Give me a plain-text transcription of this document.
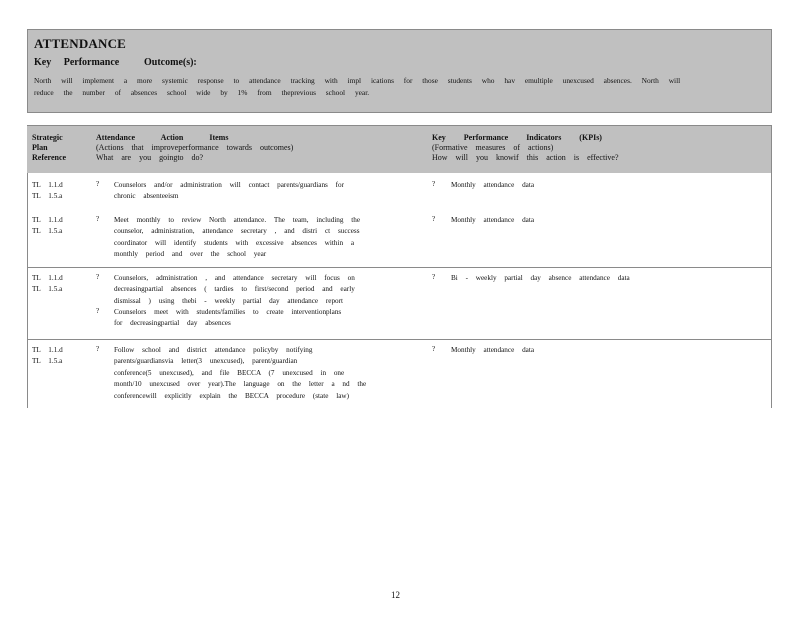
ATTENDANCE
Key Performance Outcome(s):
North will implement a more systemic response to attendance tracking with impl ications for those students who hav emultiple unexcused absences. North will
reduce the number of absences school wide by 1% from theprevious school year.
Strategic
Plan
Reference
Attendance Action Items
(Actions that improveperformance towards outcomes)
What are you goingto do?
Key Performance Indicators (KPIs)
(Formative measures of actions)
How will you knowif this action is effective?
TL 1.1.d
TL 1.5.a
? Counselors and/or administration will contact parents/guardians for
chronic absenteeism
? Monthly attendance data
TL 1.1.d
TL 1.5.a
? Meet monthly to review North attendance. The team, including the
counselor, administration, attendance secretary , and distri ct success
coordinator will identify students with excessive absences within a
monthly period and over the school year
? Monthly attendance data
TL 1.1.d
TL 1.5.a
? Counselors, administration , and attendance secretary will focus on
decreasingpartial absences ( tardies to first/second period and early
dismissal ) using thebi - weekly partial day attendance report
? Counselors meet with students/families to create interventionplans
for decreasingpartial day absences
? Bi - weekly partial day absence attendance data
TL 1.1.d
TL 1.5.a
? Follow school and district attendance policyby notifying
parents/guardiansvia letter(3 unexcused), parent/guardian
conference(5 unexcused), and file BECCA (7 unexcused in one
month/10 unexcused over year).The language on the letter a nd the
conferencewill explicitly explain the BECCA procedure (state law)
? Monthly attendance data
12
